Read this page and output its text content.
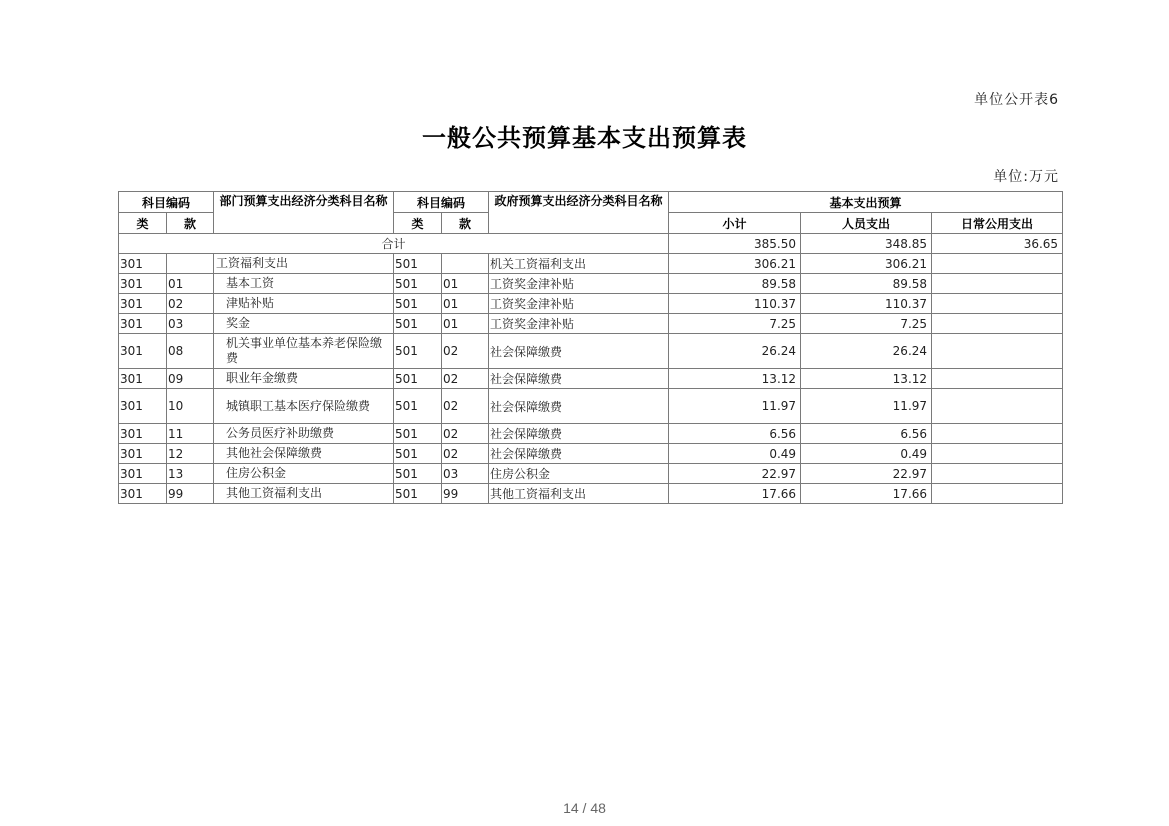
单位公开表6
一般公共预算基本支出预算表
单位:万元
科目编码		部门预算支出经济分类科目名称	科目编码		政府预算支出经济分类科目名称	基本支出预算		
类	款		类	款		小计	人员支出	日常公用支出
合计						385.50	348.85	36.65
301		工资福利支出	501		机关工资福利支出	306.21	306.21	
301	01	基本工资	501	01	工资奖金津补贴	89.58	89.58	
301	02	津贴补贴	501	01	工资奖金津补贴	110.37	110.37	
301	03	奖金	501	01	工资奖金津补贴	7.25	7.25	
301	08	机关事业单位基本养老保险缴费	501	02	社会保障缴费	26.24	26.24	
301	09	职业年金缴费	501	02	社会保障缴费	13.12	13.12	
301	10	城镇职工基本医疗保险缴费	501	02	社会保障缴费	11.97	11.97	
301	11	公务员医疗补助缴费	501	02	社会保障缴费	6.56	6.56	
301	12	其他社会保障缴费	501	02	社会保障缴费	0.49	0.49	
301	13	住房公积金	501	03	住房公积金	22.97	22.97	
301	99	其他工资福利支出	501	99	其他工资福利支出	17.66	17.66	
14 / 48
